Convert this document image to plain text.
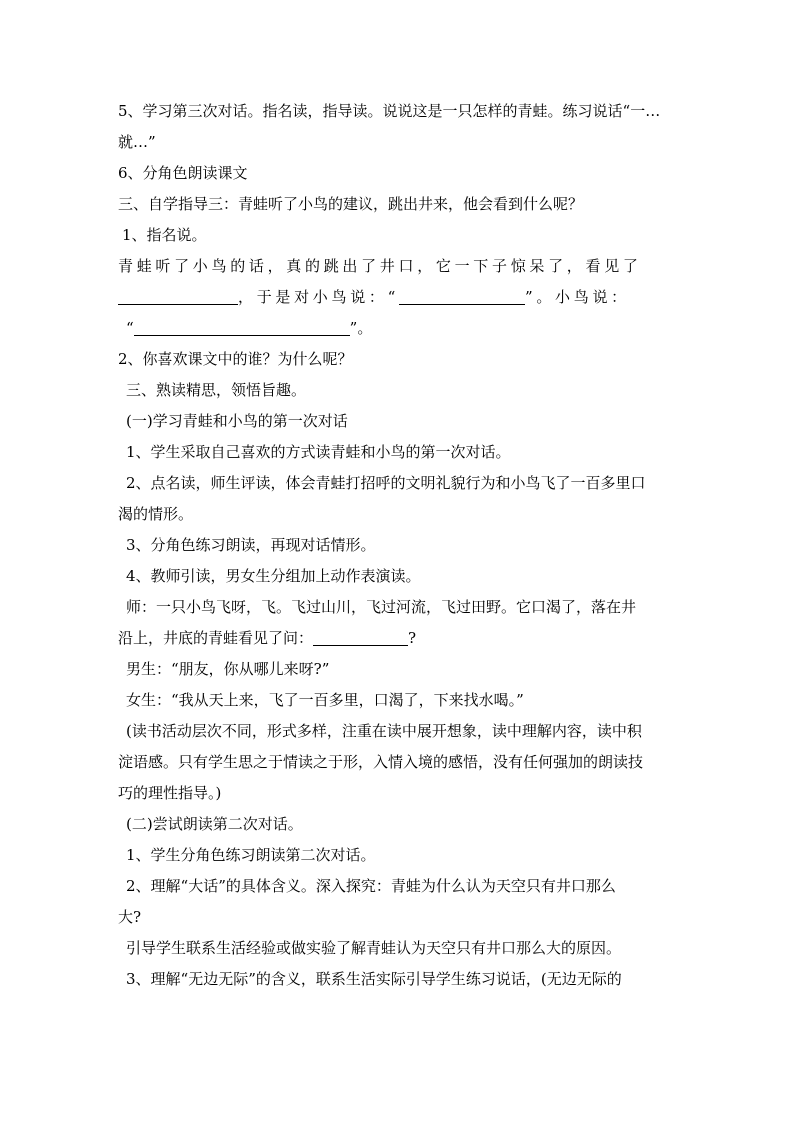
5、学习第三次对话。指名读，指导读。说说这是一只怎样的青蛙。练习说话“一…
就…”
6、分角色朗读课文
三、自学指导三：青蛙听了小鸟的建议，跳出井来，他会看到什么呢？
1、指名说。
青蛙听了小鸟的话，真的跳出了井口，它一下子惊呆了，看见了
，于是对小鸟说：“	”。小鸟说：
“	”。
2、你喜欢课文中的谁？为什么呢？
三、熟读精思，领悟旨趣。
(一)学习青蛙和小鸟的第一次对话
1、学生采取自己喜欢的方式读青蛙和小鸟的第一次对话。
2、点名读，师生评读，体会青蛙打招呼的文明礼貌行为和小鸟飞了一百多里口
渴的情形。
3、分角色练习朗读，再现对话情形。
4、教师引读，男女生分组加上动作表演读。
师：一只小鸟飞呀，飞。飞过山川，飞过河流，飞过田野。它口渴了，落在井
沿上，井底的青蛙看见了问：	?
男生：“朋友，你从哪儿来呀?”
女生：“我从天上来，飞了一百多里，口渴了，下来找水喝。”
(读书活动层次不同，形式多样，注重在读中展开想象，读中理解内容，读中积
淀语感。只有学生思之于情读之于形，入情入境的感悟，没有任何强加的朗读技
巧的理性指导。)
(二)尝试朗读第二次对话。
1、学生分角色练习朗读第二次对话。
2、理解“大话”的具体含义。深入探究：青蛙为什么认为天空只有井口那么
大?
引导学生联系生活经验或做实验了解青蛙认为天空只有井口那么大的原因。
3、理解“无边无际”的含义，联系生活实际引导学生练习说话，(无边无际的
